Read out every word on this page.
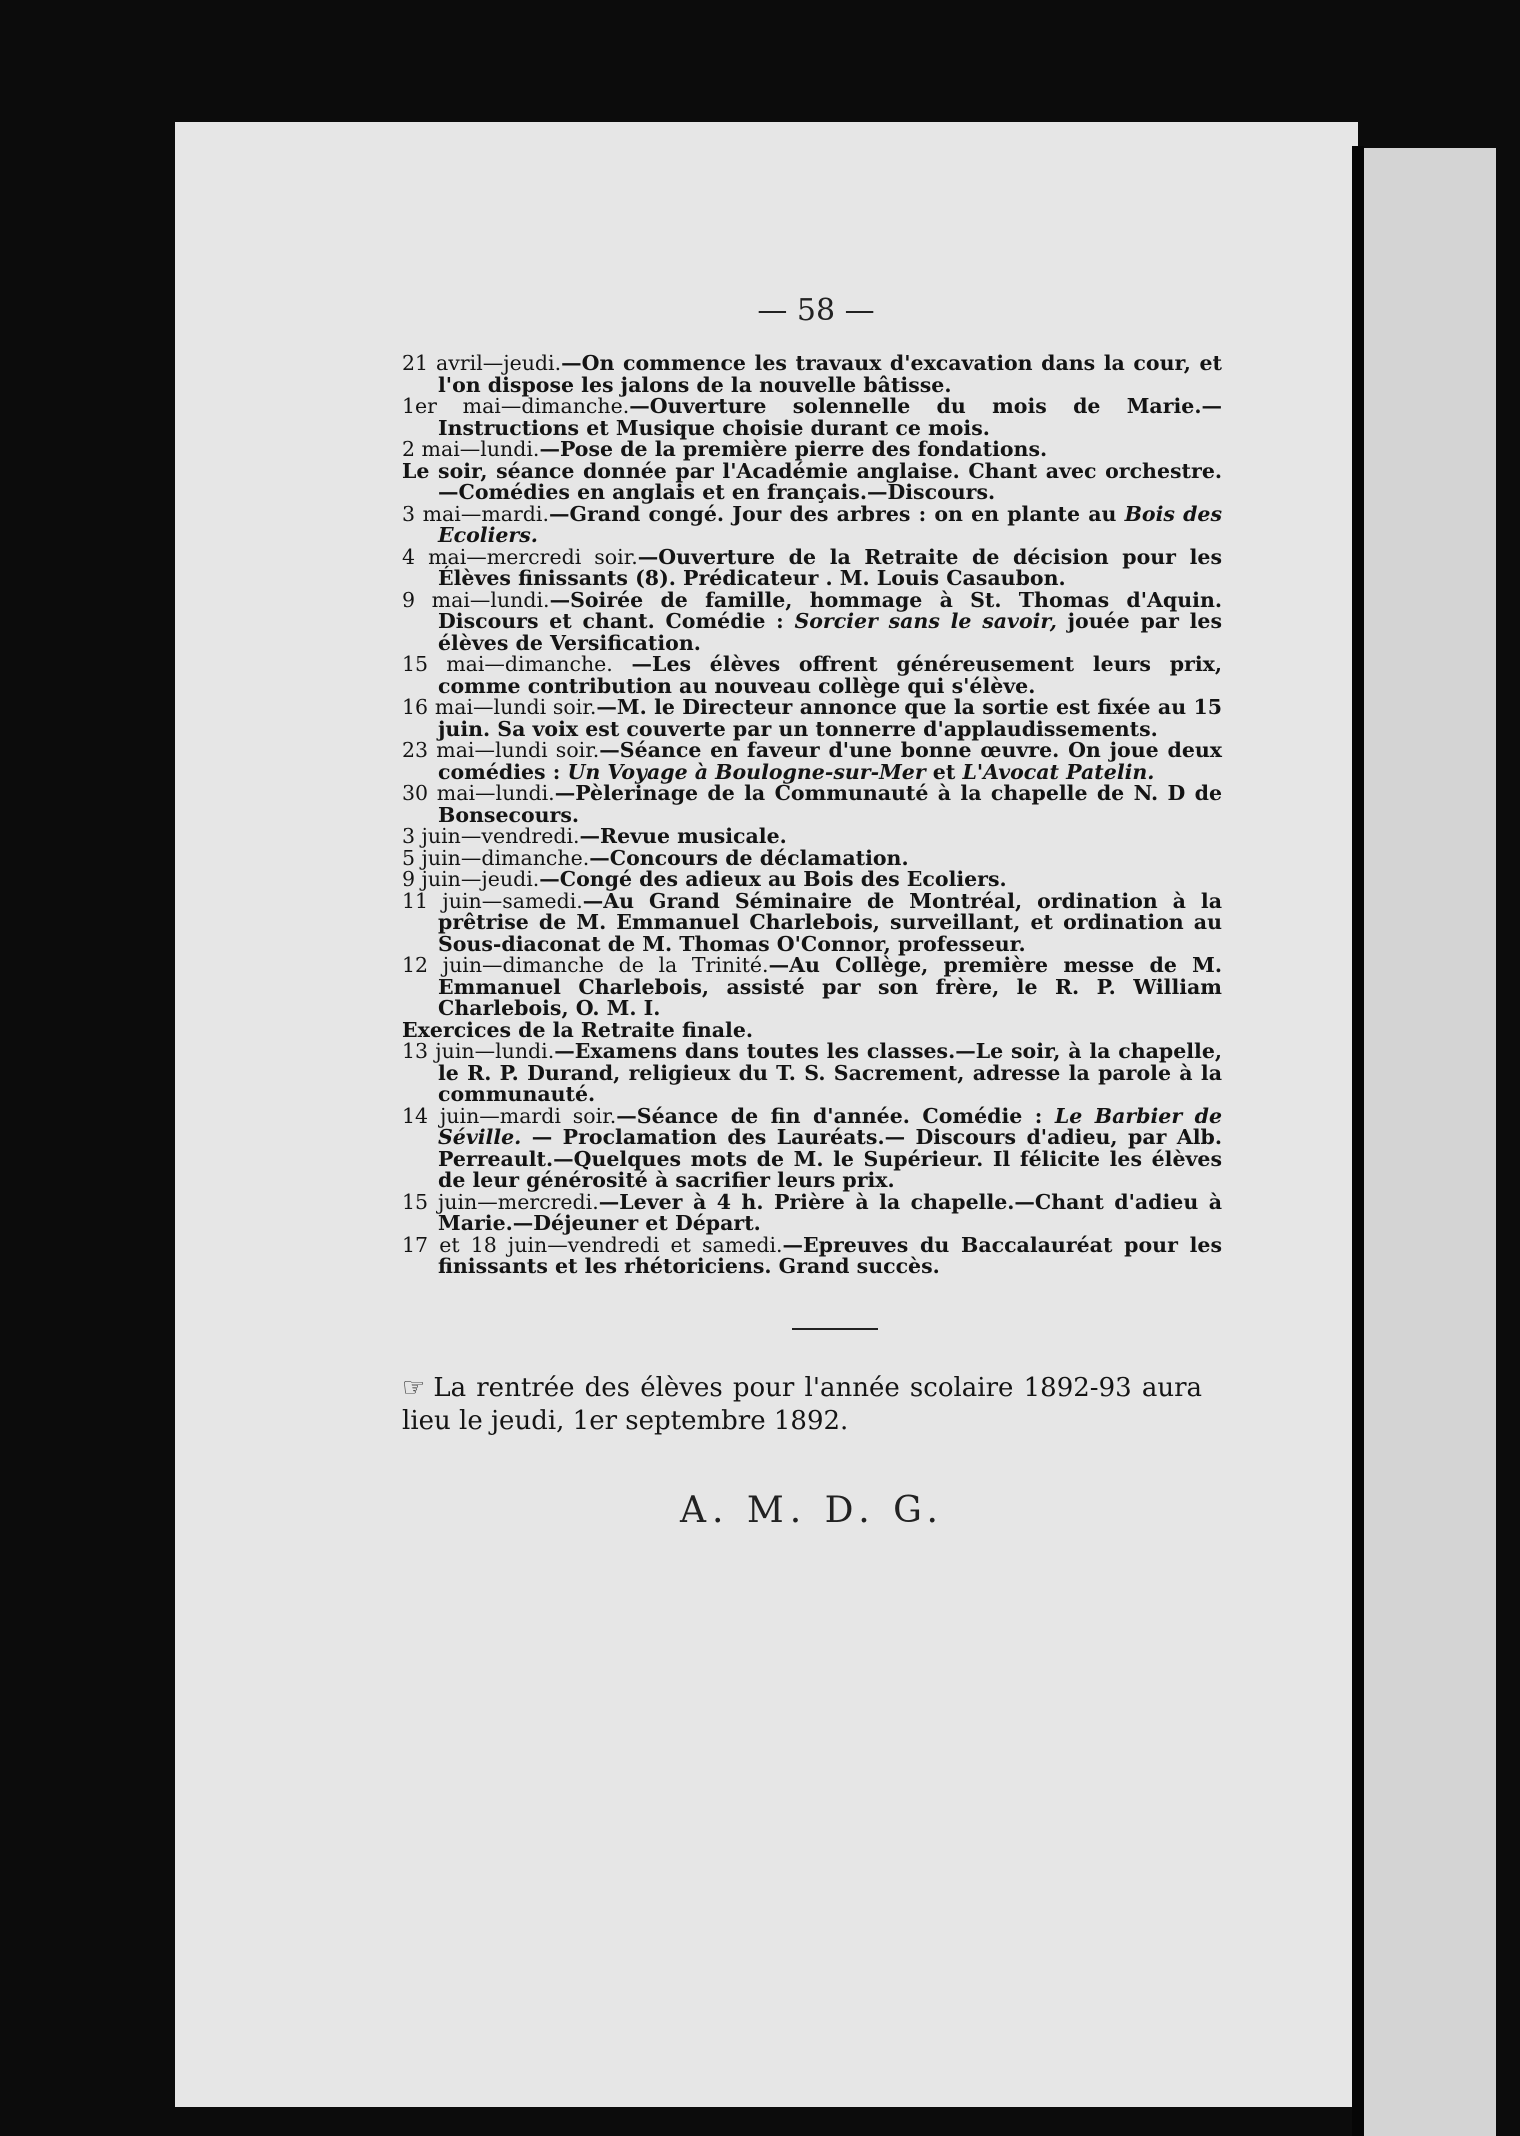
— 58 —
21 avril—jeudi.—On commence les travaux d'excavation dans la cour, et l'on dispose les jalons de la nouvelle bâtisse.
1er mai—dimanche.—Ouverture solennelle du mois de Marie.—Instructions et Musique choisie durant ce mois.
2 mai—lundi.—Pose de la première pierre des fondations.
Le soir, séance donnée par l'Académie anglaise. Chant avec orchestre.—Comédies en anglais et en français.—Discours.
3 mai—mardi.—Grand congé. Jour des arbres : on en plante au Bois des Ecoliers.
4 mai—mercredi soir.—Ouverture de la Retraite de décision pour les Élèves finissants (8). Prédicateur . M. Louis Casaubon.
9 mai—lundi.—Soirée de famille, hommage à St. Thomas d'Aquin. Discours et chant. Comédie : Sorcier sans le savoir, jouée par les élèves de Versification.
15 mai—dimanche. —Les élèves offrent généreusement leurs prix, comme contribution au nouveau collège qui s'élève.
16 mai—lundi soir.—M. le Directeur annonce que la sortie est fixée au 15 juin. Sa voix est couverte par un tonnerre d'applaudissements.
23 mai—lundi soir.—Séance en faveur d'une bonne œuvre. On joue deux comédies : Un Voyage à Boulogne-sur-Mer et L'Avocat Patelin.
30 mai—lundi.—Pèlerinage de la Communauté à la chapelle de N. D de Bonsecours.
3 juin—vendredi.—Revue musicale.
5 juin—dimanche.—Concours de déclamation.
9 juin—jeudi.—Congé des adieux au Bois des Ecoliers.
11 juin—samedi.—Au Grand Séminaire de Montréal, ordination à la prêtrise de M. Emmanuel Charlebois, surveillant, et ordination au Sous-diaconat de M. Thomas O'Connor, professeur.
12 juin—dimanche de la Trinité.—Au Collège, première messe de M. Emmanuel Charlebois, assisté par son frère, le R. P. William Charlebois, O. M. I.
Exercices de la Retraite finale.
13 juin—lundi.—Examens dans toutes les classes.—Le soir, à la chapelle, le R. P. Durand, religieux du T. S. Sacrement, adresse la parole à la communauté.
14 juin—mardi soir.—Séance de fin d'année. Comédie : Le Barbier de Séville. — Proclamation des Lauréats.— Discours d'adieu, par Alb. Perreault.—Quelques mots de M. le Supérieur. Il félicite les élèves de leur générosité à sacrifier leurs prix.
15 juin—mercredi.—Lever à 4 h. Prière à la chapelle.—Chant d'adieu à Marie.—Déjeuner et Départ.
17 et 18 juin—vendredi et samedi.—Epreuves du Baccalauréat pour les finissants et les rhétoriciens. Grand succès.
☞ La rentrée des élèves pour l'année scolaire 1892-93 aura lieu le jeudi, 1er septembre 1892.
A. M. D. G.
